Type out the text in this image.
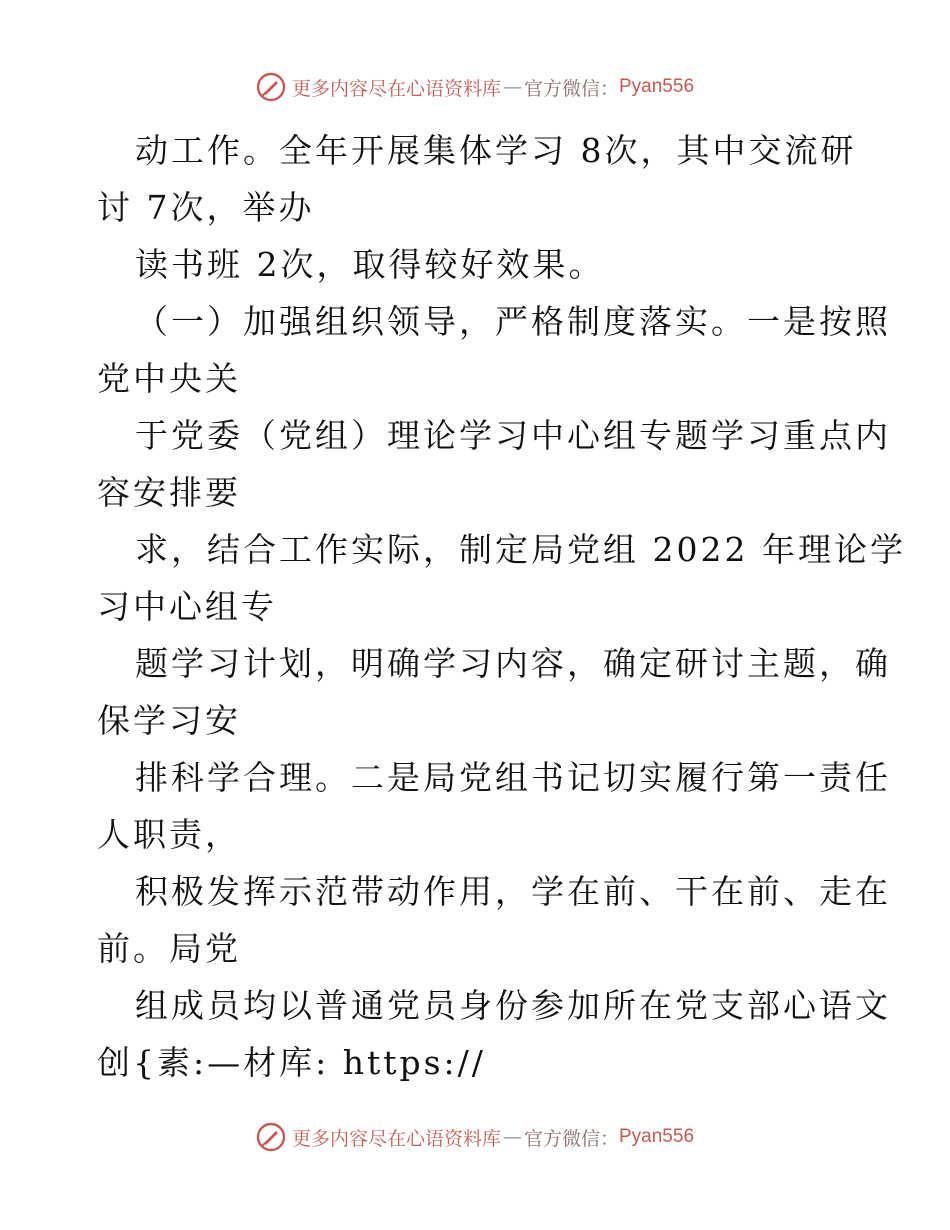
更多内容尽在心语资料库 — 官方微信： Pyan556
动工作。全年开展集体学习 8次，其中交流研
讨 7次，举办
读书班 2次，取得较好效果。
（一）加强组织领导，严格制度落实。一是按照
党中央关
于党委（党组）理论学习中心组专题学习重点内
容安排要
求，结合工作实际，制定局党组 2022 年理论学
习中心组专
题学习计划，明确学习内容，确定研讨主题，确
保学习安
排科学合理。二是局党组书记切实履行第一责任
人职责，
积极发挥示范带动作用，学在前、干在前、走在
前。局党
组成员均以普通党员身份参加所在党支部心语文
创{素:—材库: https://
更多内容尽在心语资料库 — 官方微信： Pyan556
